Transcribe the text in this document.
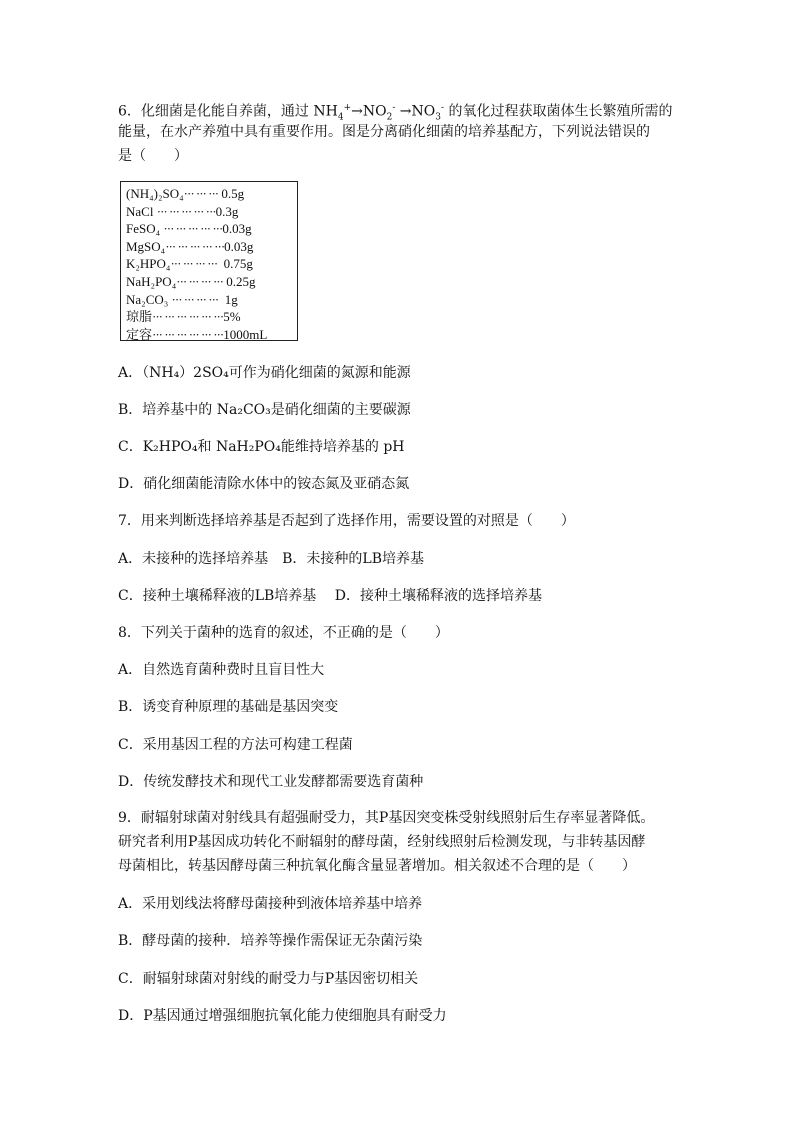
6．化细菌是化能自养菌，通过 $NH_4^+\to NO_2^- \to NO_3^-$ 的氧化过程获取菌体生长繁殖所需的
能量，在水产养殖中具有重要作用。图是分离硝化细菌的培养基配方，下列说法错误的
是（　　）
(NH₄)₂SO₄··· ··· ··· 0.5g
NaCl ··· ··· ··· ··· ···0.3g
FeSO₄ ··· ··· ··· ··· ···0.03g
MgSO₄··· ··· ··· ··· ···0.03g
K₂HPO₄··· ··· ··· ··· 0.75g
NaH₂PO₄··· ··· ··· ··· 0.25g
Na₂CO₃ ··· ··· ··· ··· 1g
琼脂··· ··· ··· ··· ··· ···5%
定容··· ··· ··· ··· ··· ···1000mL
A．（NH₄）2SO₄可作为硝化细菌的氮源和能源
B．培养基中的 Na₂CO₃是硝化细菌的主要碳源
C．K₂HPO₄和 NaH₂PO₄能维持培养基的 pH
D．硝化细菌能清除水体中的铵态氮及亚硝态氮
7．用来判断选择培养基是否起到了选择作用，需要设置的对照是（　　）
A．未接种的选择培养基　B．未接种的LB培养基
C．接种土壤稀释液的LB培养基　 D．接种土壤稀释液的选择培养基
8．下列关于菌种的选育的叙述，不正确的是（　　）
A．自然选育菌种费时且盲目性大
B．诱变育种原理的基础是基因突变
C．采用基因工程的方法可构建工程菌
D．传统发酵技术和现代工业发酵都需要选育菌种
9．耐辐射球菌对射线具有超强耐受力，其P基因突变株受射线照射后生存率显著降低。
研究者利用P基因成功转化不耐辐射的酵母菌，经射线照射后检测发现，与非转基因酵
母菌相比，转基因酵母菌三种抗氧化酶含量显著增加。相关叙述不合理的是（　　）
A．采用划线法将酵母菌接种到液体培养基中培养
B．酵母菌的接种．培养等操作需保证无杂菌污染
C．耐辐射球菌对射线的耐受力与P基因密切相关
D．P基因通过增强细胞抗氧化能力使细胞具有耐受力
